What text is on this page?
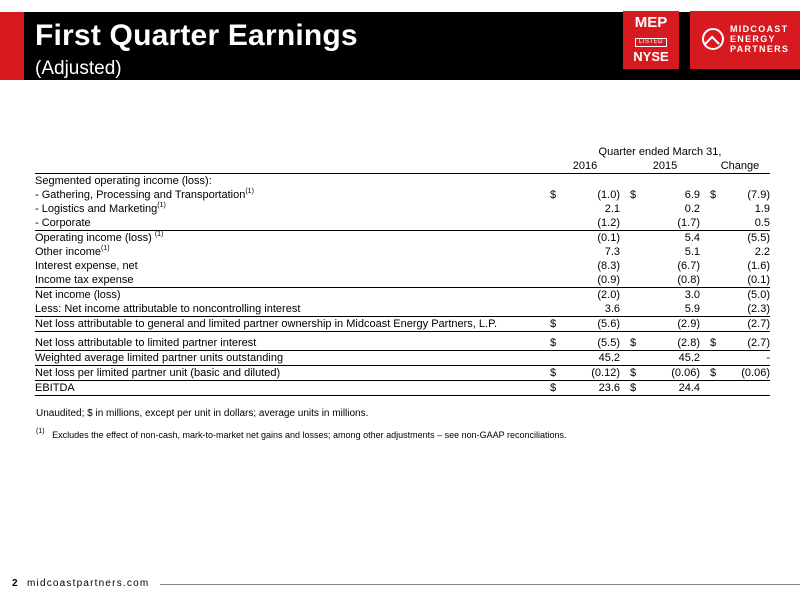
First Quarter Earnings
(Adjusted)
MEP
LISTED
NYSE
MIDCOAST
ENERGY
PARTNERS
	Quarter ended March 31,							
	2016			2015			Change	
Segmented operating income (loss):								
- Gathering, Processing and Transportation$^{(1)}$	$	(1.0)		$	6.9		$	(7.9)
- Logistics and Marketing$^{(1)}$		2.1			0.2			1.9
- Corporate		(1.2)			(1.7)			0.5
Operating income (loss) $^{(1)}$		(0.1)			5.4			(5.5)
Other income$^{(1)}$		7.3			5.1			2.2
Interest expense, net		(8.3)			(6.7)			(1.6)
Income tax expense		(0.9)			(0.8)			(0.1)
Net income (loss)		(2.0)			3.0			(5.0)
Less: Net income attributable to noncontrolling interest		3.6			5.9			(2.3)
Net loss attributable to general and limited partner ownership in Midcoast Energy Partners, L.P.	$	(5.6)			(2.9)			(2.7)

Net loss attributable to limited partner interest	$	(5.5)		$	(2.8)		$	(2.7)
Weighted average limited partner units outstanding		45.2			45.2			-
Net loss per limited partner unit (basic and diluted)	$	(0.12)		$	(0.06)		$	(0.06)
EBITDA	$	23.6		$	24.4			
Unaudited; $ in millions, except per unit in dollars; average units in millions.
$^{(1)}$ Excludes the effect of non-cash, mark-to-market net gains and losses; among other adjustments – see non-GAAP reconciliations.
2 midcoastpartners.com
